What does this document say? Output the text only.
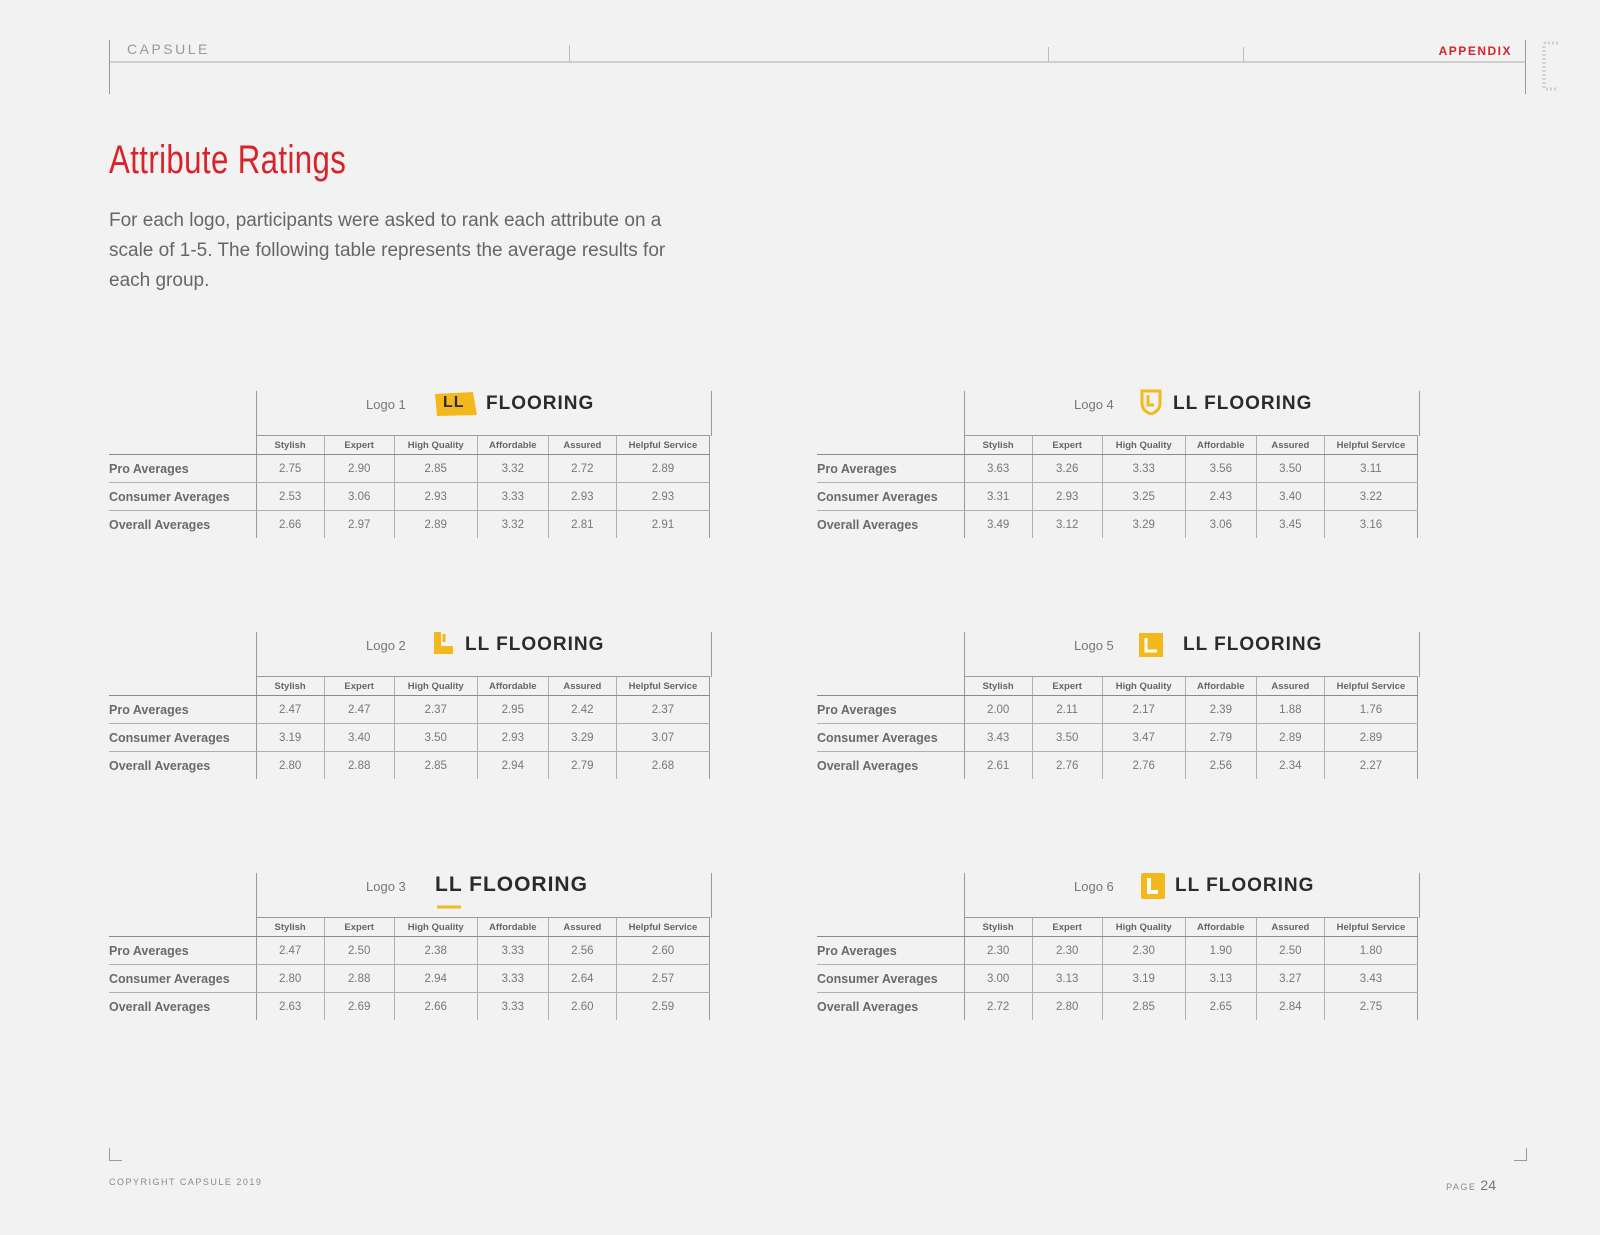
CAPSULE	APPENDIX
Attribute Ratings
For each logo, participants were asked to rank each attribute on a scale of 1-5. The following table represents the average results for each group.
Logo 1 LL FLOORING
	Stylish	Expert	High Quality	Affordable	Assured	Helpful Service
Pro Averages	2.75	2.90	2.85	3.32	2.72	2.89
Consumer Averages	2.53	3.06	2.93	3.33	2.93	2.93
Overall Averages	2.66	2.97	2.89	3.32	2.81	2.91
Logo 4	LL FLOORING
	Stylish	Expert	High Quality	Affordable	Assured	Helpful Service
Pro Averages	3.63	3.26	3.33	3.56	3.50	3.11
Consumer Averages	3.31	2.93	3.25	2.43	3.40	3.22
Overall Averages	3.49	3.12	3.29	3.06	3.45	3.16
Logo 2	LL FLOORING
	Stylish	Expert	High Quality	Affordable	Assured	Helpful Service
Pro Averages	2.47	2.47	2.37	2.95	2.42	2.37
Consumer Averages	3.19	3.40	3.50	2.93	3.29	3.07
Overall Averages	2.80	2.88	2.85	2.94	2.79	2.68
Logo 5	LL FLOORING
	Stylish	Expert	High Quality	Affordable	Assured	Helpful Service
Pro Averages	2.00	2.11	2.17	2.39	1.88	1.76
Consumer Averages	3.43	3.50	3.47	2.79	2.89	2.89
Overall Averages	2.61	2.76	2.76	2.56	2.34	2.27
Logo 3 LL FLOORING
	Stylish	Expert	High Quality	Affordable	Assured	Helpful Service
Pro Averages	2.47	2.50	2.38	3.33	2.56	2.60
Consumer Averages	2.80	2.88	2.94	3.33	2.64	2.57
Overall Averages	2.63	2.69	2.66	3.33	2.60	2.59
Logo 6	LL FLOORING
	Stylish	Expert	High Quality	Affordable	Assured	Helpful Service
Pro Averages	2.30	2.30	2.30	1.90	2.50	1.80
Consumer Averages	3.00	3.13	3.19	3.13	3.27	3.43
Overall Averages	2.72	2.80	2.85	2.65	2.84	2.75
COPYRIGHT CAPSULE 2019	PAGE 24
